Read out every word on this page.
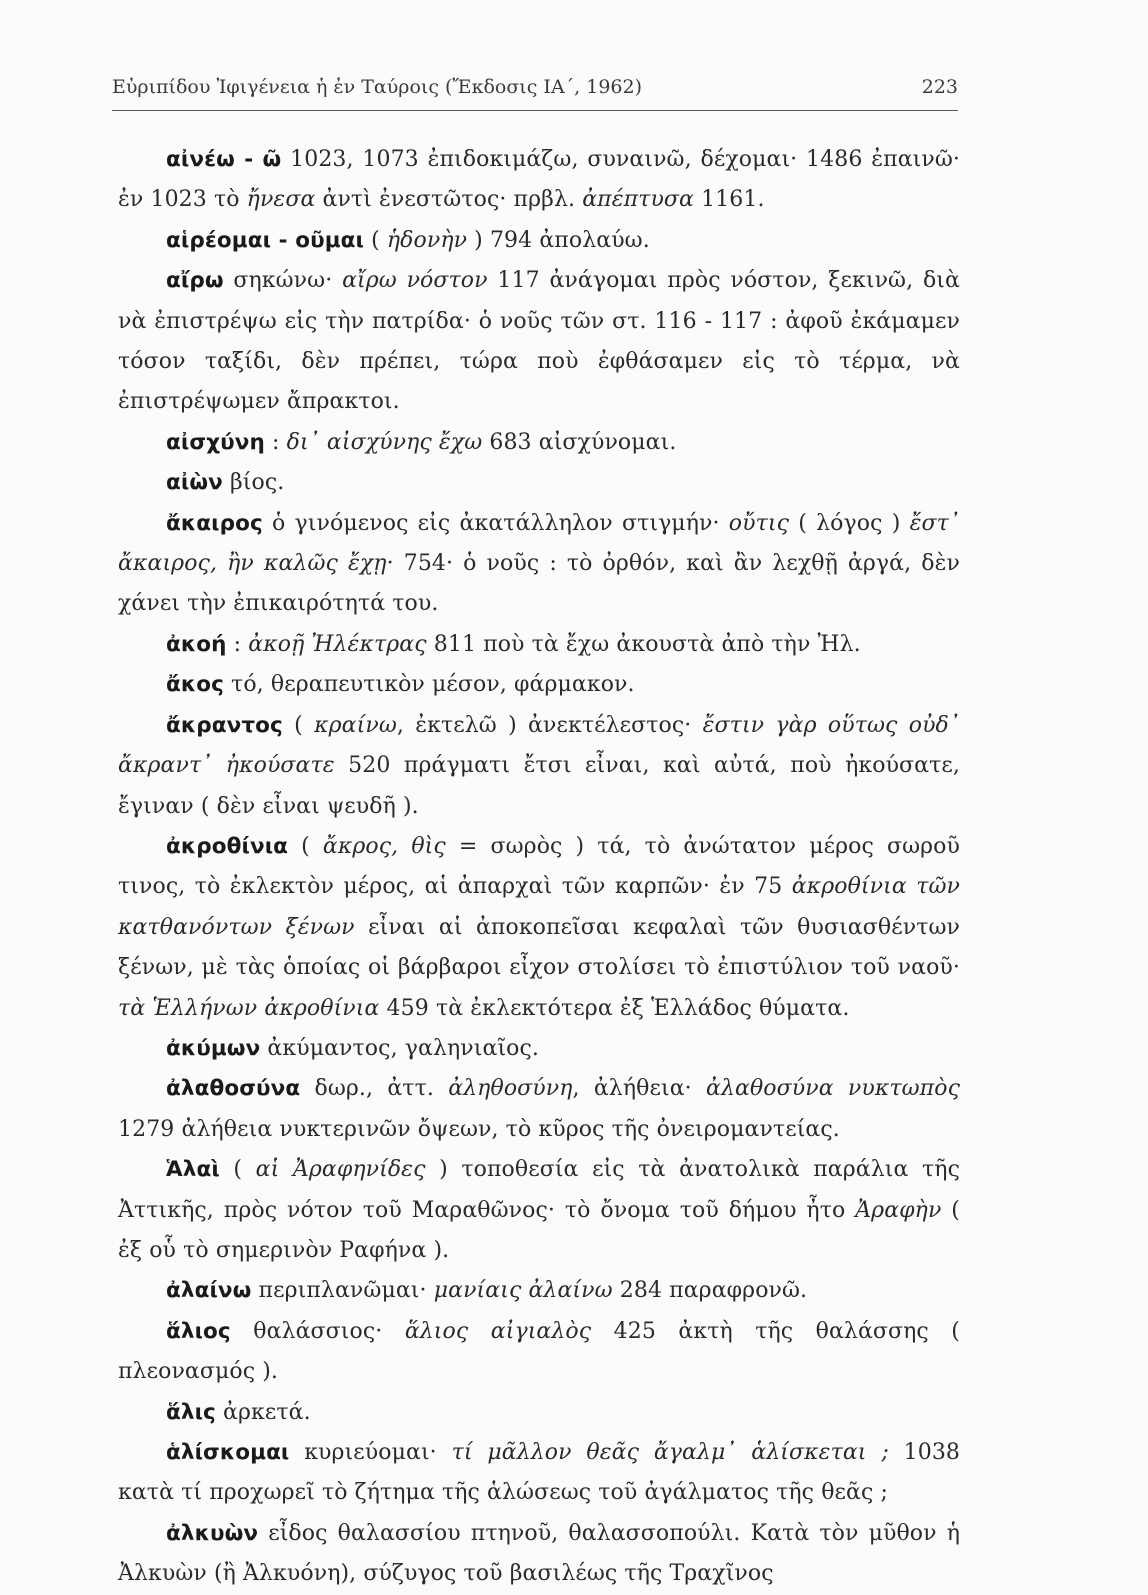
Εὐριπίδου Ἰφιγένεια ἡ ἐν Ταύροις (Ἔκδοσις ΙΑ΄, 1962)	223

αἰνέω - ῶ 1023, 1073 ἐπιδοκιμάζω, συναινῶ, δέχομαι· 1486 ἐπαινῶ· ἐν 1023 τὸ ἤνεσα ἀντὶ ἐνεστῶτος· πρβλ. ἀπέπτυσα 1161.

αἱρέομαι - οῦμαι ( ἡδονὴν ) 794 ἀπολαύω.

αἴρω σηκώνω· αἴρω νόστον 117 ἀνάγομαι πρὸς νόστον, ξεκινῶ, διὰ νὰ ἐπιστρέψω εἰς τὴν πατρίδα· ὁ νοῦς τῶν στ. 116 - 117 : ἀφοῦ ἐκάμαμεν τόσον ταξίδι, δὲν πρέπει, τώρα ποὺ ἐφθάσαμεν εἰς τὸ τέρμα, νὰ ἐπιστρέψωμεν ἄπρακτοι.

αἰσχύνη : δι᾽ αἰσχύνης ἔχω 683 αἰσχύνομαι.

αἰὼν βίος.

ἄκαιρος ὁ γινόμενος εἰς ἀκατάλληλον στιγμήν· οὔτις ( λόγος ) ἔστ᾽ ἄκαιρος, ἢν καλῶς ἔχῃ· 754· ὁ νοῦς : τὸ ὀρθόν, καὶ ἂν λεχθῇ ἀργά, δὲν χάνει τὴν ἐπικαιρότητά του.

ἀκοή : ἀκοῇ Ἠλέκτρας 811 ποὺ τὰ ἔχω ἀκουστὰ ἀπὸ τὴν Ἠλ.

ἄκος τό, θεραπευτικὸν μέσον, φάρμακον.

ἄκραντος ( κραίνω, ἐκτελῶ ) ἀνεκτέλεστος· ἔστιν γὰρ οὕτως οὐδ᾽ ἄκραντ᾽ ἠκούσατε 520 πράγματι ἔτσι εἶναι, καὶ αὐτά, ποὺ ἠκούσατε, ἔγιναν ( δὲν εἶναι ψευδῆ ).

ἀκροθίνια ( ἄκρος, θὶς = σωρὸς ) τά, τὸ ἀνώτατον μέρος σωροῦ τινος, τὸ ἐκλεκτὸν μέρος, αἱ ἀπαρχαὶ τῶν καρπῶν· ἐν 75 ἀκροθίνια τῶν κατθανόντων ξένων εἶναι αἱ ἀποκοπεῖσαι κεφαλαὶ τῶν θυσιασθέντων ξένων, μὲ τὰς ὁποίας οἱ βάρβαροι εἶχον στολίσει τὸ ἐπιστύλιον τοῦ ναοῦ· τὰ Ἑλλήνων ἀκροθίνια 459 τὰ ἐκλεκτότερα ἐξ Ἑλλάδος θύματα.

ἀκύμων ἀκύμαντος, γαληνιαῖος.

ἀλαθοσύνα δωρ., ἀττ. ἀληθοσύνη, ἀλήθεια· ἀλαθοσύνα νυκτωπὸς 1279 ἀλήθεια νυκτερινῶν ὄψεων, τὸ κῦρος τῆς ὀνειρομαντείας.

Ἁλαὶ ( αἱ Ἀραφηνίδες ) τοποθεσία εἰς τὰ ἀνατολικὰ παράλια τῆς Ἀττικῆς, πρὸς νότον τοῦ Μαραθῶνος· τὸ ὄνομα τοῦ δήμου ἦτο Ἀραφὴν ( ἐξ οὗ τὸ σημερινὸν Ραφήνα ).

ἀλαίνω περιπλανῶμαι· μανίαις ἀλαίνω 284 παραφρονῶ.

ἅλιος θαλάσσιος· ἅλιος αἰγιαλὸς 425 ἀκτὴ τῆς θαλάσσης ( πλεονασμός ).

ἅλις ἀρκετά.

ἁλίσκομαι κυριεύομαι· τί μᾶλλον θεᾶς ἄγαλμ᾽ ἁλίσκεται ; 1038 κατὰ τί προχωρεῖ τὸ ζήτημα τῆς ἁλώσεως τοῦ ἀγάλματος τῆς θεᾶς ;

ἀλκυὼν εἶδος θαλασσίου πτηνοῦ, θαλασσοπούλι. Κατὰ τὸν μῦθον ἡ Ἀλκυὼν (ἢ Ἀλκυόνη), σύζυγος τοῦ βασιλέως τῆς Τραχῖνος
